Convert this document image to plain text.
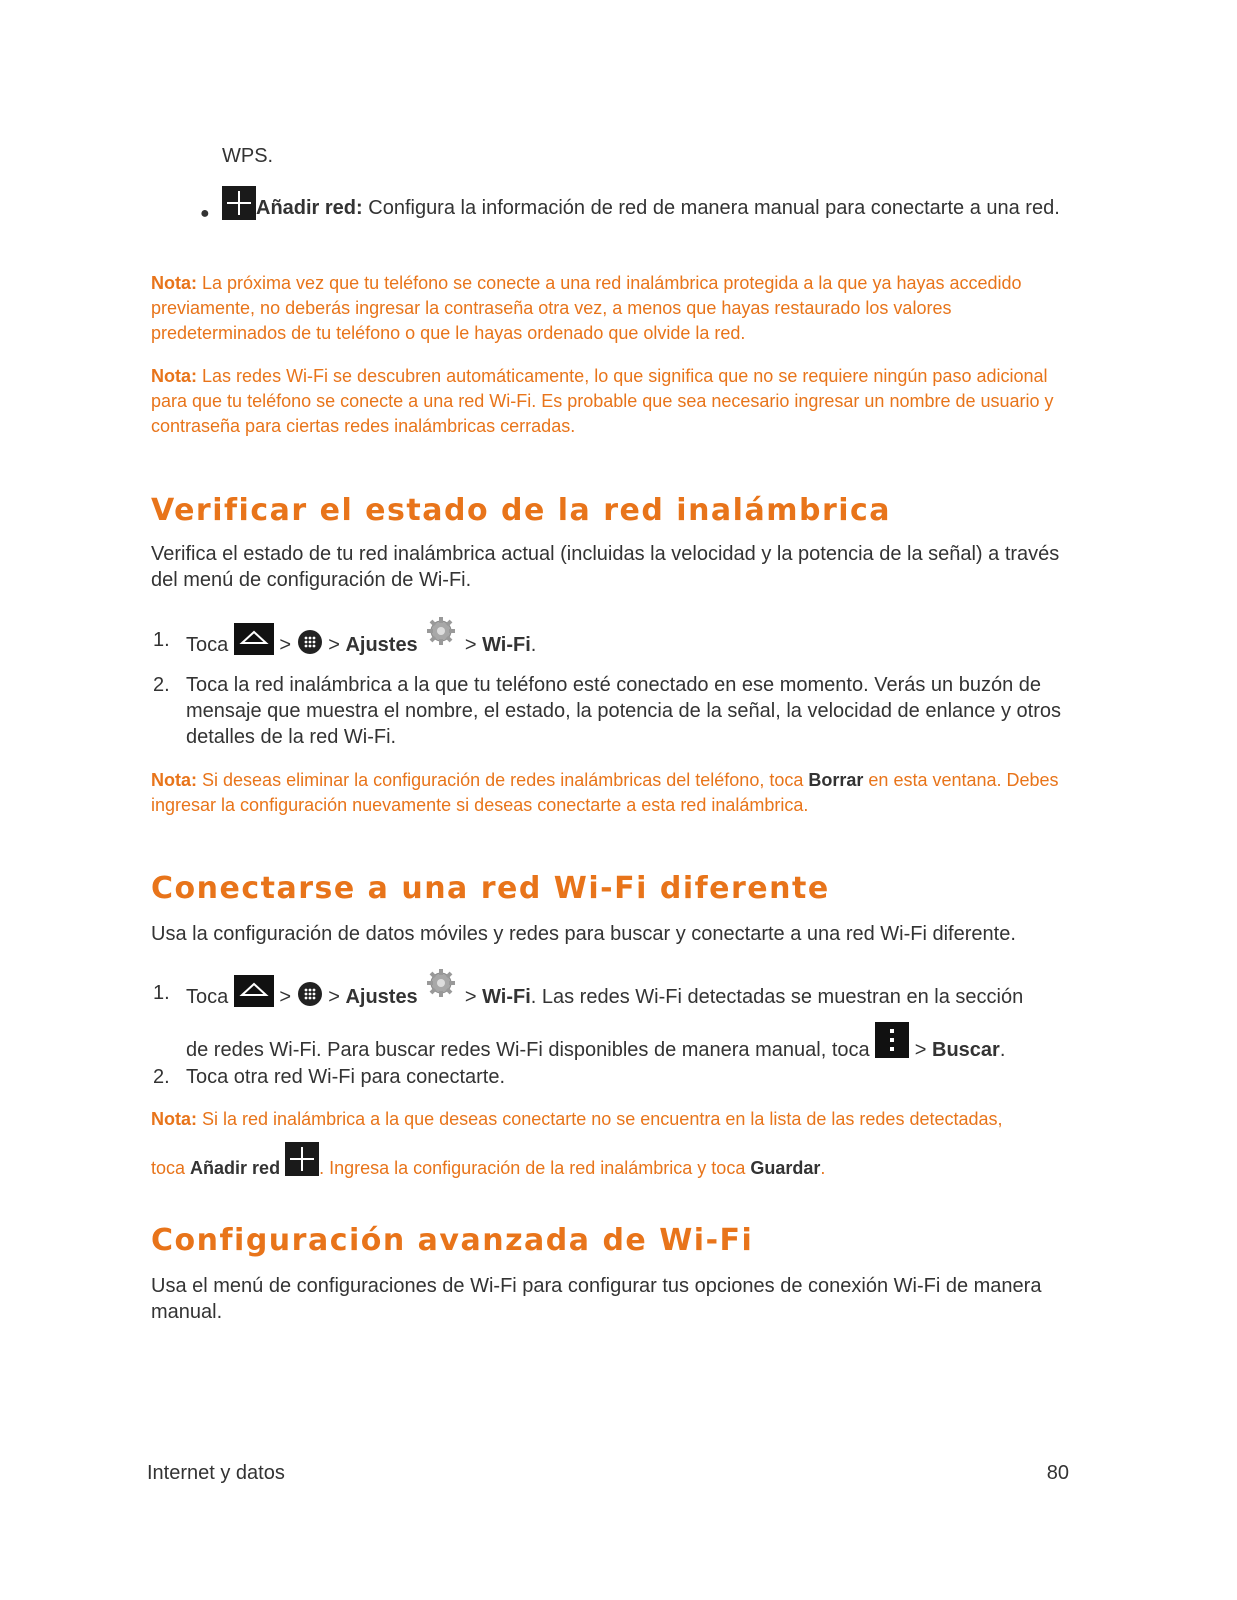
WPS.
●	Añadir red: Configura la información de red de manera manual para conectarte a una red.
Nota: La próxima vez que tu teléfono se conecte a una red inalámbrica protegida a la que ya hayas accedido previamente, no deberás ingresar la contraseña otra vez, a menos que hayas restaurado los valores predeterminados de tu teléfono o que le hayas ordenado que olvide la red.
Nota: Las redes Wi-Fi se descubren automáticamente, lo que significa que no se requiere ningún paso adicional para que tu teléfono se conecte a una red Wi-Fi. Es probable que sea necesario ingresar un nombre de usuario y contraseña para ciertas redes inalámbricas cerradas.
Verificar el estado de la red inalámbrica
Verifica el estado de tu red inalámbrica actual (incluidas la velocidad y la potencia de la señal) a través del menú de configuración de Wi-Fi.
1. Toca	> > Ajustes > Wi-Fi.
2. Toca la red inalámbrica a la que tu teléfono esté conectado en ese momento. Verás un buzón de mensaje que muestra el nombre, el estado, la potencia de la señal, la velocidad de enlance y otros detalles de la red Wi-Fi.
Nota: Si deseas eliminar la configuración de redes inalámbricas del teléfono, toca Borrar en esta ventana. Debes ingresar la configuración nuevamente si deseas conectarte a esta red inalámbrica.
Conectarse a una red Wi-Fi diferente
Usa la configuración de datos móviles y redes para buscar y conectarte a una red Wi-Fi diferente.
1. Toca	> > Ajustes > Wi-Fi. Las redes Wi-Fi detectadas se muestran en la sección
de redes Wi-Fi. Para buscar redes Wi-Fi disponibles de manera manual, toca > Buscar.
2. Toca otra red Wi-Fi para conectarte.
Nota: Si la red inalámbrica a la que deseas conectarte no se encuentra en la lista de las redes detectadas,
toca Añadir red . Ingresa la configuración de la red inalámbrica y toca Guardar.
Configuración avanzada de Wi-Fi
Usa el menú de configuraciones de Wi-Fi para configurar tus opciones de conexión Wi-Fi de manera manual.
Internet y datos	80
